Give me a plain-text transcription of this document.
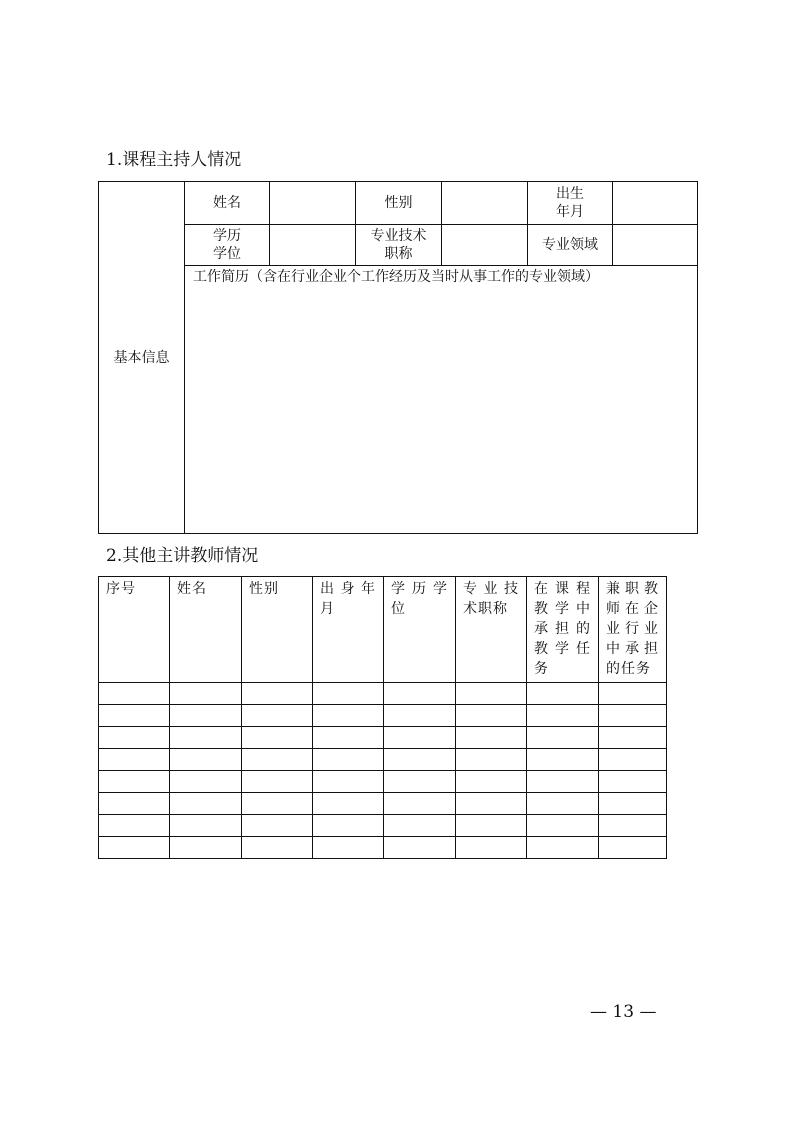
1.课程主持人情况
基本信息	姓名		性别		出生
年月	
	学历
学位		专业技术
职称		专业领域	
	工作简历（含在行业企业个工作经历及当时从事工作的专业领域）					
2.其他主讲教师情况
序号	姓名	性别	出身年月	学历学位	专业技术职称	在课程教学中承担的教学任务	兼职教师在企业行业中承担的任务

— 13 —
